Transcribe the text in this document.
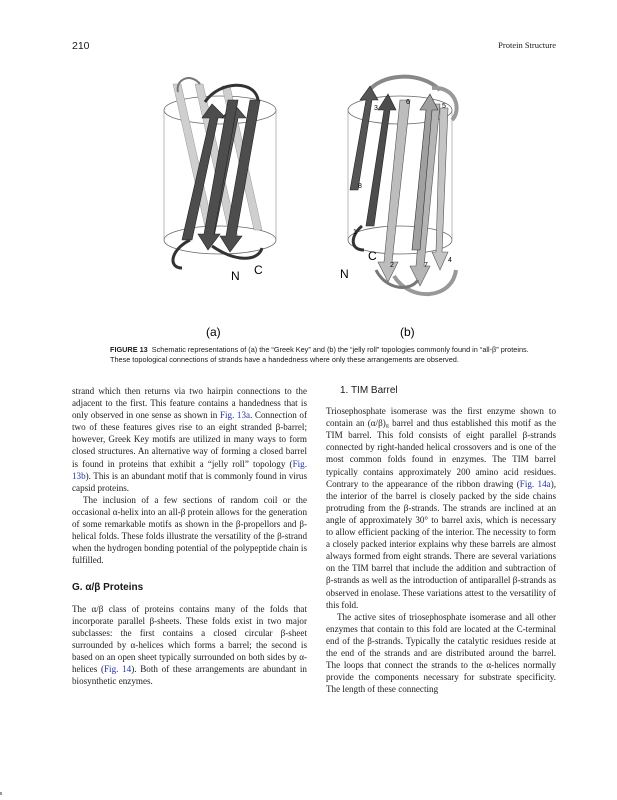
210	Protein Structure
N C
(a)
1
2
3
4
5
6
7
8
N
C
(b)
FIGURE 13 Schematic representations of (a) the “Greek Key” and (b) the “jelly roll” topologies commonly found in “all-β” proteins. These topological connections of strands have a handedness where only these arrangements are observed.

strand which then returns via two hairpin connections to the adjacent to the first. This feature contains a handedness that is only observed in one sense as shown in Fig. 13a. Connection of two of these features gives rise to an eight stranded β-barrel; however, Greek Key motifs are utilized in many ways to form closed structures. An alternative way of forming a closed barrel is found in proteins that exhibit a “jelly roll” topology (Fig. 13b). This is an abundant motif that is commonly found in virus capsid proteins.

The inclusion of a few sections of random coil or the occasional α-helix into an all-β protein allows for the generation of some remarkable motifs as shown in the β-propellors and β-helical folds. These folds illustrate the versatility of the β-strand when the hydrogen bonding potential of the polypeptide chain is fulfilled.

G. α/β Proteins

The α/β class of proteins contains many of the folds that incorporate parallel β-sheets. These folds exist in two major subclasses: the first contains a closed circular β-sheet surrounded by α-helices which forms a barrel; the second is based on an open sheet typically surrounded on both sides by α-helices (Fig. 14). Both of these arrangements are abundant in biosynthetic enzymes.

1. TIM Barrel

Triosephosphate isomerase was the first enzyme shown to contain an (α/β)₈ barrel and thus established this motif as the TIM barrel. This fold consists of eight parallel β-strands connected by right-handed helical crossovers and is one of the most common folds found in enzymes. The TIM barrel typically contains approximately 200 amino acid residues. Contrary to the appearance of the ribbon drawing (Fig. 14a), the interior of the barrel is closely packed by the side chains protruding from the β-strands. The strands are inclined at an angle of approximately 30° to barrel axis, which is necessary to allow efficient packing of the interior. The necessity to form a closely packed interior explains why these barrels are almost always formed from eight strands. There are several variations on the TIM barrel that include the addition and subtraction of β-strands as well as the introduction of antiparallel β-strands as observed in enolase. These variations attest to the versatility of this fold.

The active sites of triosephosphate isomerase and all other enzymes that contain to this fold are located at the C-terminal end of the β-strands. Typically the catalytic residues reside at the end of the strands and are distributed around the barrel. The loops that connect the strands to the α-helices normally provide the components necessary for substrate specificity. The length of these connecting
